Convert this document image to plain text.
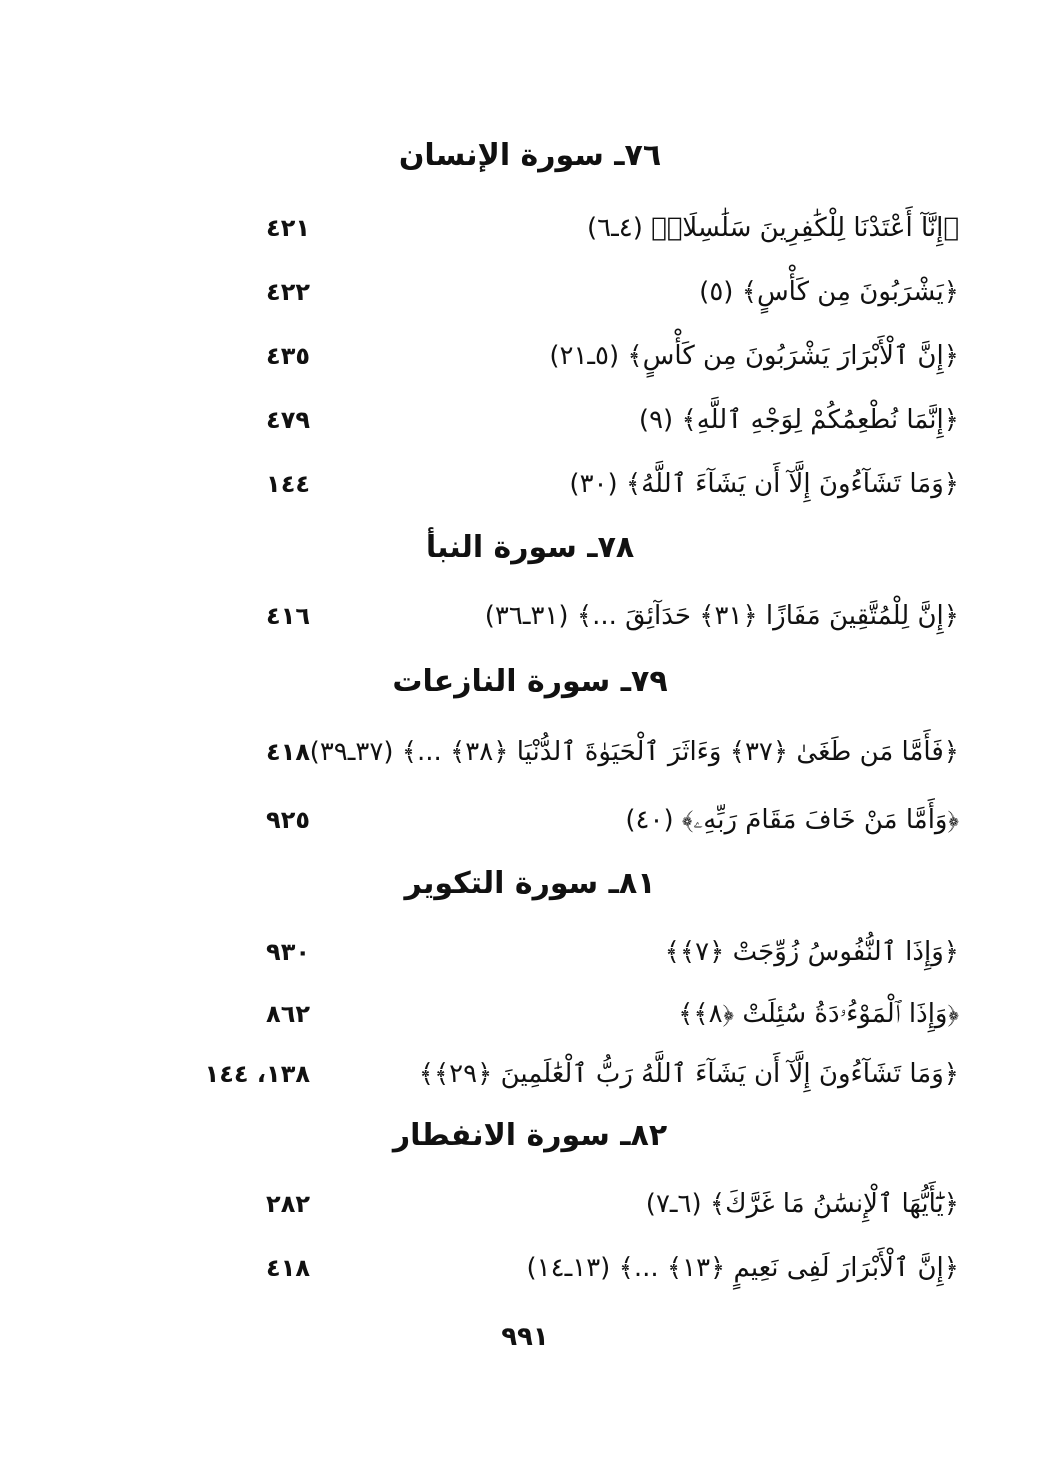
٧٦ـ سورة الإنسان
﴿إِنَّآ أَعْتَدْنَا لِلْكَٰفِرِينَ سَلَٰسِلَا۟﴾ (٤ـ٦)
٤٢١
﴿يَشْرَبُونَ مِن كَأْسٍ﴾ (٥)
٤٢٢
﴿إِنَّ ٱلْأَبْرَارَ يَشْرَبُونَ مِن كَأْسٍ﴾ (٥ـ٢١)
٤٣٥
﴿إِنَّمَا نُطْعِمُكُمْ لِوَجْهِ ٱللَّهِ﴾ (٩)
٤٧٩
﴿وَمَا تَشَآءُونَ إِلَّآ أَن يَشَآءَ ٱللَّهُ﴾ (٣٠)
١٤٤
٧٨ـ سورة النبأ
﴿إِنَّ لِلْمُتَّقِينَ مَفَازًا ﴿٣١﴾ حَدَآئِقَ ...﴾ (٣١ـ٣٦)
٤١٦
٧٩ـ سورة النازعات
﴿فَأَمَّا مَن طَغَىٰ ﴿٣٧﴾ وَءَاثَرَ ٱلْحَيَوٰةَ ٱلدُّنْيَا ﴿٣٨﴾ ...﴾ (٣٧ـ٣٩)
٤١٨
﴿وَأَمَّا مَنْ خَافَ مَقَامَ رَبِّهِۦ﴾ (٤٠)
٩٢٥
٨١ـ سورة التكوير
﴿وَإِذَا ٱلنُّفُوسُ زُوِّجَتْ ﴿٧﴾﴾
٩٣٠
﴿وَإِذَا ٱلْمَوْءُۥدَةُ سُئِلَتْ ﴿٨﴾﴾
٨٦٢
﴿وَمَا تَشَآءُونَ إِلَّآ أَن يَشَآءَ ٱللَّهُ رَبُّ ٱلْعَٰلَمِينَ ﴿٢٩﴾﴾
١٣٨، ١٤٤
٨٢ـ سورة الانفطار
﴿يَٰٓأَيُّهَا ٱلْإِنسَٰنُ مَا غَرَّكَ﴾ (٦ـ٧)
٢٨٢
﴿إِنَّ ٱلْأَبْرَارَ لَفِى نَعِيمٍ ﴿١٣﴾ ...﴾ (١٣ـ١٤)
٤١٨
٩٩١
